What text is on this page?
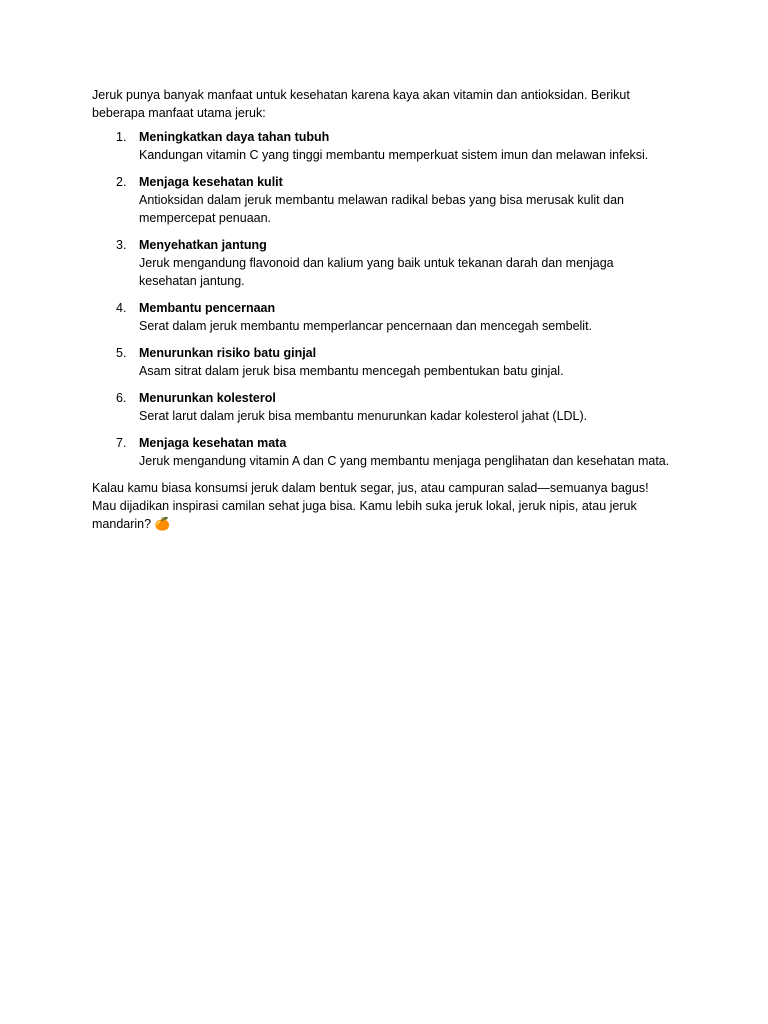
Jeruk punya banyak manfaat untuk kesehatan karena kaya akan vitamin dan antioksidan. Berikut beberapa manfaat utama jeruk:

1.	Meningkatkan daya tahan tubuh
Kandungan vitamin C yang tinggi membantu memperkuat sistem imun dan melawan infeksi.
2.	Menjaga kesehatan kulit
Antioksidan dalam jeruk membantu melawan radikal bebas yang bisa merusak kulit dan mempercepat penuaan.
3.	Menyehatkan jantung
Jeruk mengandung flavonoid dan kalium yang baik untuk tekanan darah dan menjaga kesehatan jantung.
4.	Membantu pencernaan
Serat dalam jeruk membantu memperlancar pencernaan dan mencegah sembelit.
5.	Menurunkan risiko batu ginjal
Asam sitrat dalam jeruk bisa membantu mencegah pembentukan batu ginjal.
6.	Menurunkan kolesterol
Serat larut dalam jeruk bisa membantu menurunkan kadar kolesterol jahat (LDL).
7.	Menjaga kesehatan mata
Jeruk mengandung vitamin A dan C yang membantu menjaga penglihatan dan kesehatan mata.

Kalau kamu biasa konsumsi jeruk dalam bentuk segar, jus, atau campuran salad—semuanya bagus! Mau dijadikan inspirasi camilan sehat juga bisa. Kamu lebih suka jeruk lokal, jeruk nipis, atau jeruk mandarin? 🍊
